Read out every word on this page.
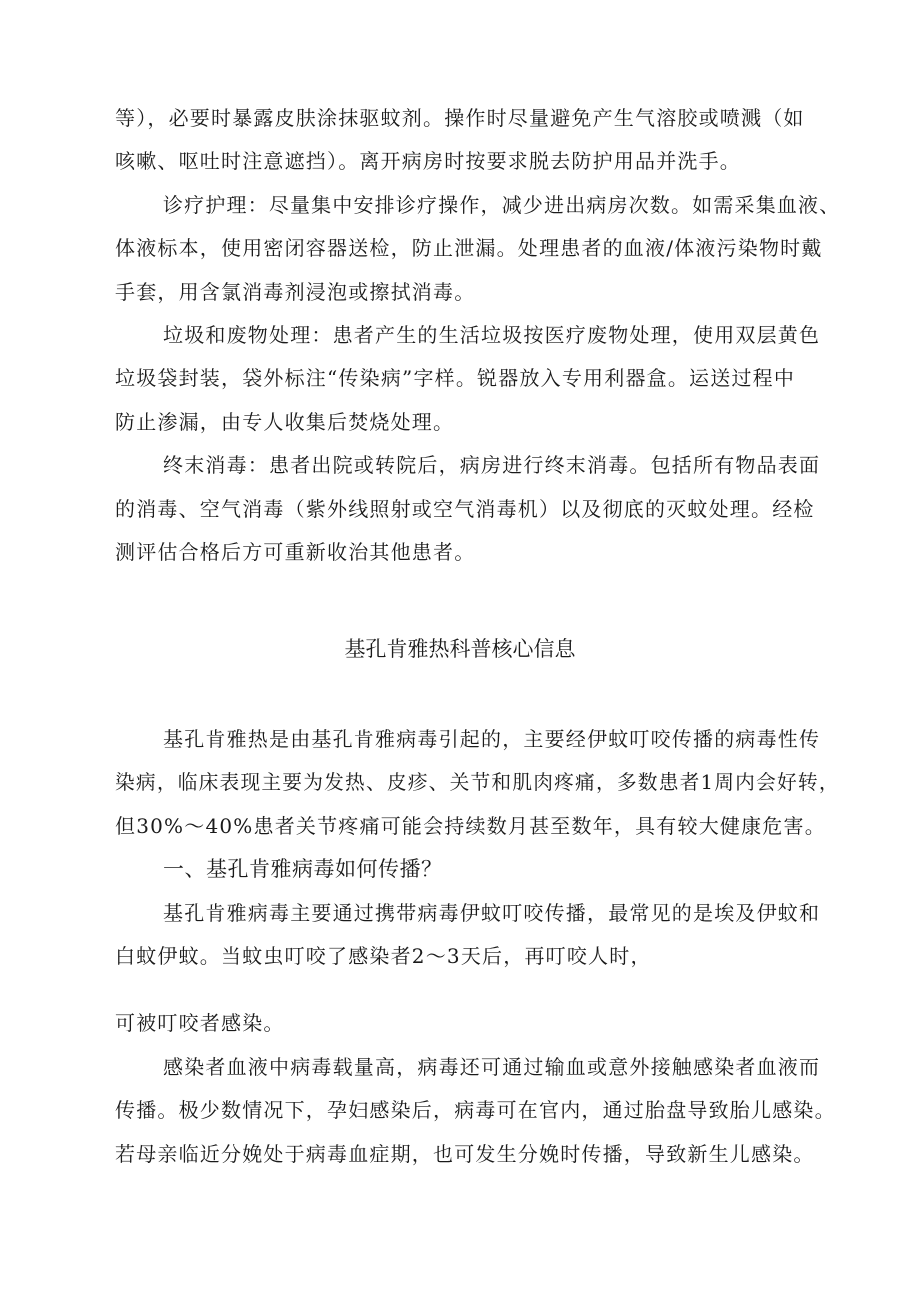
等），必要时暴露皮肤涂抹驱蚊剂。操作时尽量避免产生气溶胶或喷溅（如
咳嗽、呕吐时注意遮挡）。离开病房时按要求脱去防护用品并洗手。
诊疗护理：尽量集中安排诊疗操作，减少进出病房次数。如需采集血液、
体液标本，使用密闭容器送检，防止泄漏。处理患者的血液/体液污染物时戴
手套，用含氯消毒剂浸泡或擦拭消毒。
垃圾和废物处理：患者产生的生活垃圾按医疗废物处理，使用双层黄色
垃圾袋封装，袋外标注“传染病”字样。锐器放入专用利器盒。运送过程中
防止渗漏，由专人收集后焚烧处理。
终末消毒：患者出院或转院后，病房进行终末消毒。包括所有物品表面
的消毒、空气消毒（紫外线照射或空气消毒机）以及彻底的灭蚊处理。经检
测评估合格后方可重新收治其他患者。
基孔肯雅热科普核心信息
基孔肯雅热是由基孔肯雅病毒引起的，主要经伊蚊叮咬传播的病毒性传
染病，临床表现主要为发热、皮疹、关节和肌肉疼痛，多数患者1周内会好转，
但30%～40%患者关节疼痛可能会持续数月甚至数年，具有较大健康危害。
一、基孔肯雅病毒如何传播？
基孔肯雅病毒主要通过携带病毒伊蚊叮咬传播，最常见的是埃及伊蚊和
白蚊伊蚊。当蚊虫叮咬了感染者2～3天后，再叮咬人时，
可被叮咬者感染。
感染者血液中病毒载量高，病毒还可通过输血或意外接触感染者血液而
传播。极少数情况下，孕妇感染后，病毒可在官内，通过胎盘导致胎儿感染。
若母亲临近分娩处于病毒血症期，也可发生分娩时传播，导致新生儿感染。
